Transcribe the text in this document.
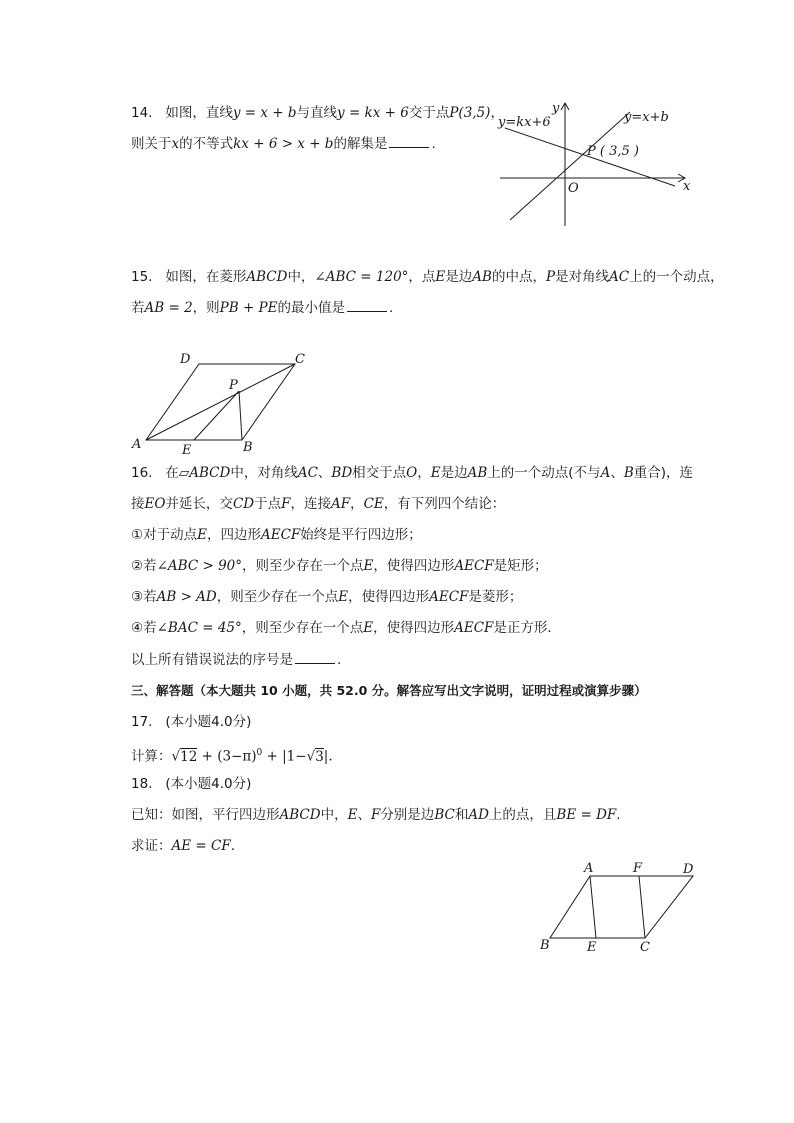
14. 如图，直线y = x + b与直线y = kx + 6交于点P(3,5)，
则关于x的不等式kx + 6 > x + b的解集是	.
y=kx+6	y=x+b
y
x
O
P ( 3,5 )
15. 如图，在菱形ABCD中，∠ABC = 120°，点E是边AB的中点，P是对角线AC上的一个动点，
若AB = 2，则PB + PE的最小值是	.
A	B
C
D
E
P
16. 在▱ABCD中，对角线AC、BD相交于点O，E是边AB上的一个动点(不与A、B重合)，连
接EO并延长，交CD于点F，连接AF，CE，有下列四个结论：
①对于动点E，四边形AECF始终是平行四边形；
②若∠ABC > 90°，则至少存在一个点E，使得四边形AECF是矩形；
③若AB > AD，则至少存在一个点E，使得四边形AECF是菱形；
④若∠BAC = 45°，则至少存在一个点E，使得四边形AECF是正方形．
以上所有错误说法的序号是	.
三、解答题（本大题共 10 小题，共 52.0 分。解答应写出文字说明，证明过程或演算步骤）
17. (本小题4.0分)
计算：$√12 + (3-\pi)^0 + |1-√3|$.
18. (本小题4.0分)
已知：如图，平行四边形ABCD中，E、F分别是边BC和AD上的点，且BE = DF.
求证：AE = CF.
A	F	D
B	E	C
